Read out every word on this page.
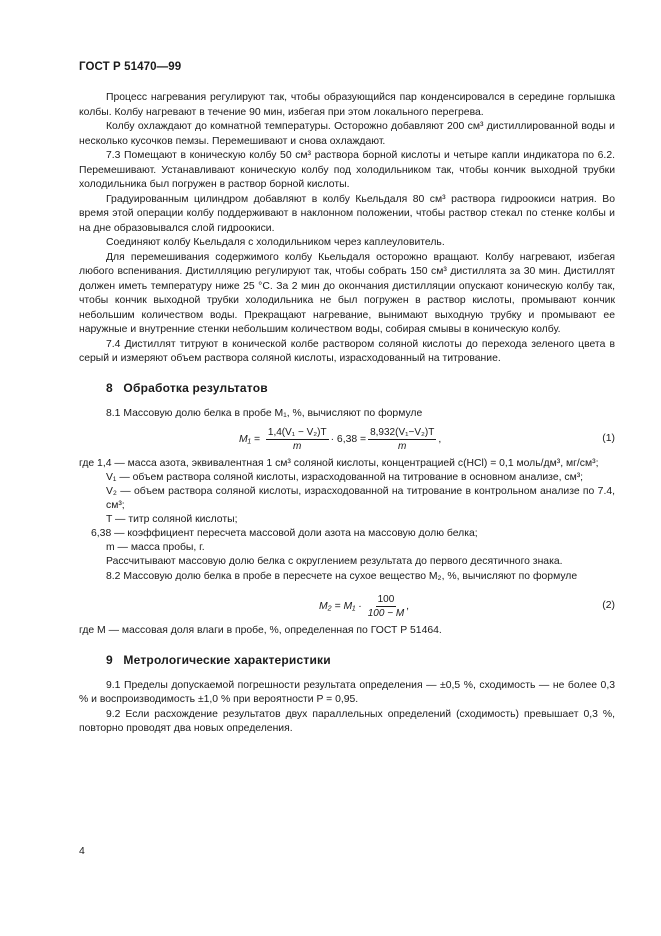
ГОСТ Р 51470—99

Процесс нагревания регулируют так, чтобы образующийся пар конденсировался в середине горлышка колбы. Колбу нагревают в течение 90 мин, избегая при этом локального перегрева.

Колбу охлаждают до комнатной температуры. Осторожно добавляют 200 см³ дистиллированной воды и несколько кусочков пемзы. Перемешивают и снова охлаждают.

7.3 Помещают в коническую колбу 50 см³ раствора борной кислоты и четыре капли индикатора по 6.2. Перемешивают. Устанавливают коническую колбу под холодильником так, чтобы кончик выходной трубки холодильника был погружен в раствор борной кислоты.

Градуированным цилиндром добавляют в колбу Кьельдаля 80 см³ раствора гидроокиси натрия. Во время этой операции колбу поддерживают в наклонном положении, чтобы раствор стекал по стенке колбы и на дне образовывался слой гидроокиси.

Соединяют колбу Кьельдаля с холодильником через каплеуловитель.

Для перемешивания содержимого колбу Кьельдаля осторожно вращают. Колбу нагревают, избегая любого вспенивания. Дистилляцию регулируют так, чтобы собрать 150 см³ дистиллята за 30 мин. Дистиллят должен иметь температуру ниже 25 °С. За 2 мин до окончания дистилляции опускают коническую колбу так, чтобы кончик выходной трубки холодильника не был погружен в раствор кислоты, промывают кончик небольшим количеством воды. Прекращают нагревание, вынимают выходную трубку и промывают ее наружные и внутренние стенки небольшим количеством воды, собирая смывы в коническую колбу.

7.4 Дистиллят титруют в конической колбе раствором соляной кислоты до перехода зеленого цвета в серый и измеряют объем раствора соляной кислоты, израсходованный на титрование.

8 Обработка результатов

8.1 Массовую долю белка в пробе M₁, %, вычисляют по формуле

$M_1 = \frac{\text{1,4(V₁ − V₂)T}}{m} \cdot 6,38 = \frac{\text{8,932(V₁−V₂)T}}{m}$ ,	(1)
где 1,4 — масса азота, эквивалентная 1 см³ соляной кислоты, концентрацией c(HCl) = 0,1 моль/дм³, мг/см³;
V₁ — объем раствора соляной кислоты, израсходованной на титрование в основном анализе, см³;
V₂ — объем раствора соляной кислоты, израсходованной на титрование в контрольном анализе по 7.4, см³;
T — титр соляной кислоты;
6,38 — коэффициент пересчета массовой доли азота на массовую долю белка;
m — масса пробы, г.

Рассчитывают массовую долю белка с округлением результата до первого десятичного знака.

8.2 Массовую долю белка в пробе в пересчете на сухое вещество M₂, %, вычисляют по формуле

$M_2 = M_1 \cdot \frac{100}{100 - M}$ ,	(2)

где M — массовая доля влаги в пробе, %, определенная по ГОСТ Р 51464.

9 Метрологические характеристики

9.1 Пределы допускаемой погрешности результата определения — ±0,5 %, сходимость — не более 0,3 % и воспроизводимость ±1,0 % при вероятности P = 0,95.

9.2 Если расхождение результатов двух параллельных определений (сходимость) превышает 0,3 %, повторно проводят два новых определения.

4
